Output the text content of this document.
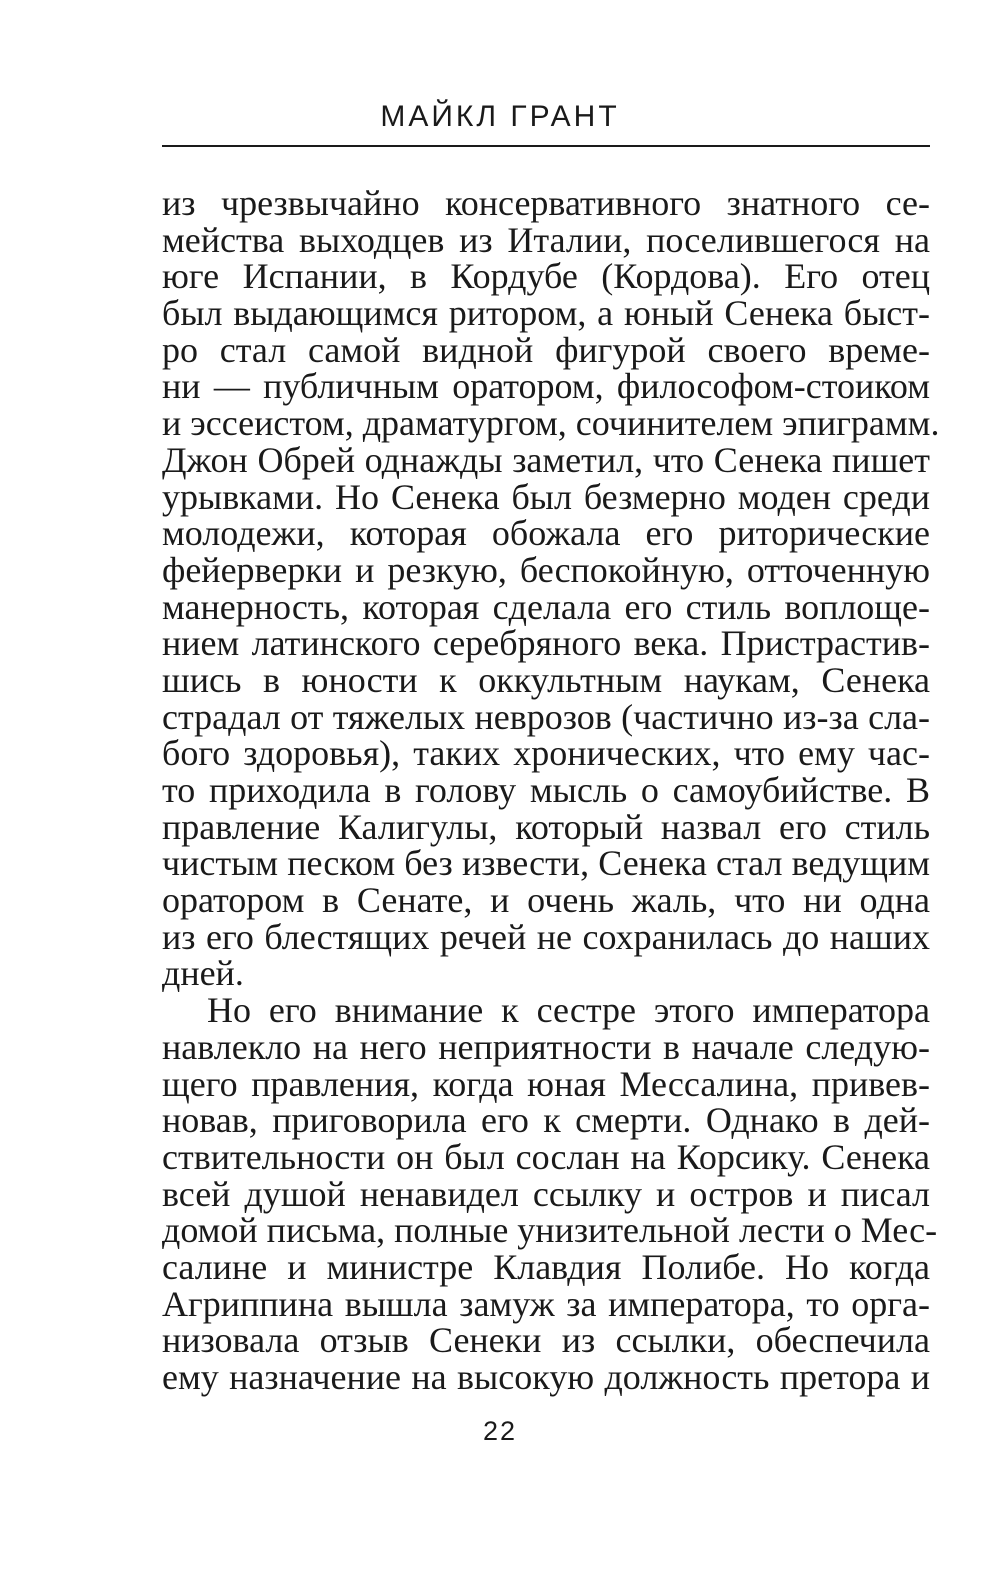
МАЙКЛ ГРАНТ
из чрезвычайно консервативного знатного се-
мейства выходцев из Италии, поселившегося на
юге Испании, в Кордубе (Кордова). Его отец
был выдающимся ритором, а юный Сенека быст-
ро стал самой видной фигурой своего време-
ни — публичным оратором, философом-стоиком
и эссеистом, драматургом, сочинителем эпиграмм.
Джон Обрей однажды заметил, что Сенека пишет
урывками. Но Сенека был безмерно моден среди
молодежи, которая обожала его риторические
фейерверки и резкую, беспокойную, отточенную
манерность, которая сделала его стиль воплоще-
нием латинского серебряного века. Пристрастив-
шись в юности к оккультным наукам, Сенека
страдал от тяжелых неврозов (частично из-за сла-
бого здоровья), таких хронических, что ему час-
то приходила в голову мысль о самоубийстве. В
правление Калигулы, который назвал его стиль
чистым песком без извести, Сенека стал ведущим
оратором в Сенате, и очень жаль, что ни одна
из его блестящих речей не сохранилась до наших
дней.
Но его внимание к сестре этого императора
навлекло на него неприятности в начале следую-
щего правления, когда юная Мессалина, привев-
новав, приговорила его к смерти. Однако в дей-
ствительности он был сослан на Корсику. Сенека
всей душой ненавидел ссылку и остров и писал
домой письма, полные унизительной лести о Мес-
салине и министре Клавдия Полибе. Но когда
Агриппина вышла замуж за императора, то орга-
низовала отзыв Сенеки из ссылки, обеспечила
ему назначение на высокую должность претора и
22
